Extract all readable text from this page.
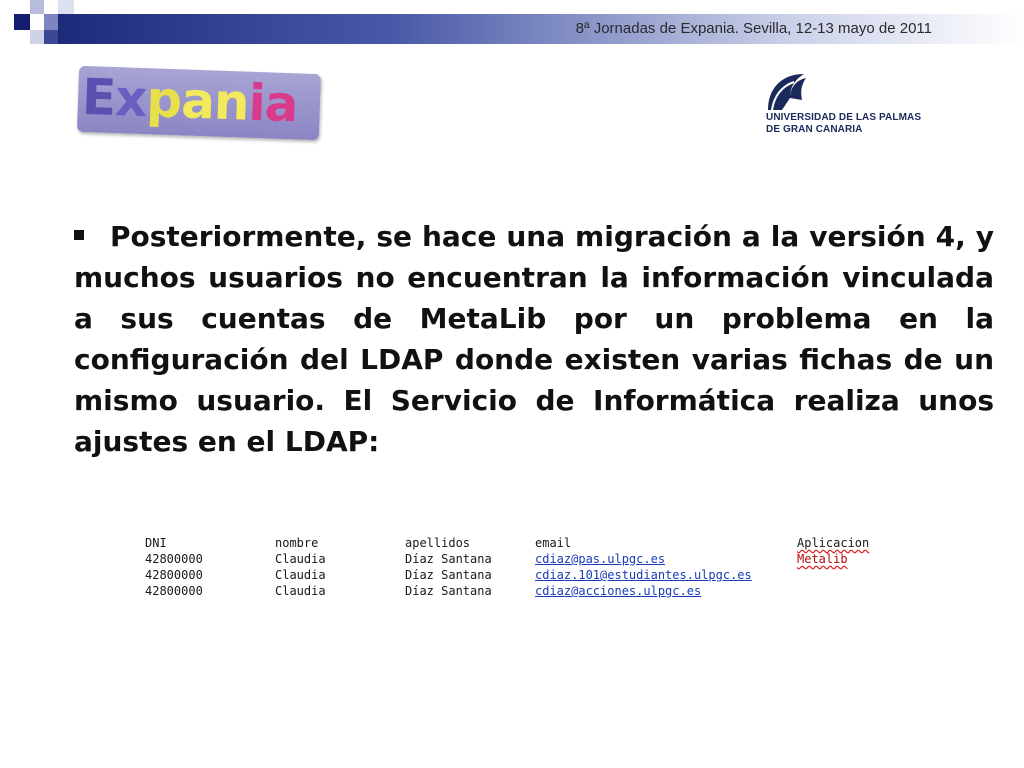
8ª Jornadas de Expania. Sevilla, 12-13 mayo de 2011
Expania	UNIVERSIDAD DE LAS PALMAS
DE GRAN CANARIA
Posteriormente, se hace una migración a la versión 4, y muchos usuarios no encuentran la información vinculada a sus cuentas de MetaLib por un problema en la configuración del LDAP donde existen varias fichas de un mismo usuario. El Servicio de Informática realiza unos ajustes en el LDAP:
DNI	nombre	apellidos	email	Aplicacion
42800000	Claudia	Díaz Santana	cdiaz@pas.ulpgc.es	Metalib
42800000	Claudia	Díaz Santana	cdiaz.101@estudiantes.ulpgc.es	
42800000	Claudia	Díaz Santana	cdiaz@acciones.ulpgc.es	
